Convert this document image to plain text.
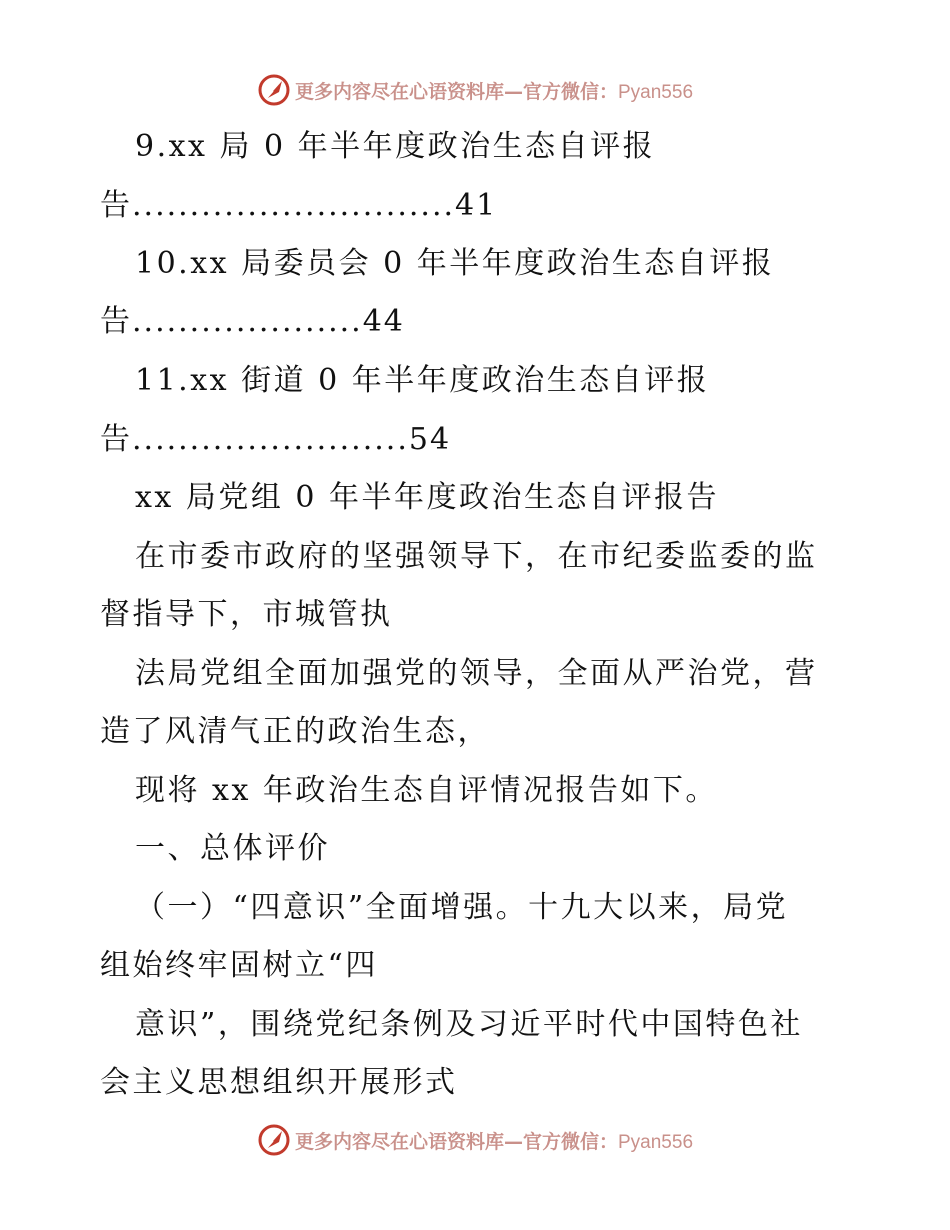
更多内容尽在心语资料库—官方微信：Pyan556
9.xx 局 0 年半年度政治生态自评报
告............................41
10.xx 局委员会 0 年半年度政治生态自评报
告....................44
11.xx 街道 0 年半年度政治生态自评报
告........................54
xx 局党组 0 年半年度政治生态自评报告
在市委市政府的坚强领导下，在市纪委监委的监
督指导下，市城管执
法局党组全面加强党的领导，全面从严治党，营
造了风清气正的政治生态，
现将 xx 年政治生态自评情况报告如下。
一、总体评价
（一）“四意识”全面增强。十九大以来，局党
组始终牢固树立“四
意识”，围绕党纪条例及习近平时代中国特色社
会主义思想组织开展形式
更多内容尽在心语资料库—官方微信：Pyan556
